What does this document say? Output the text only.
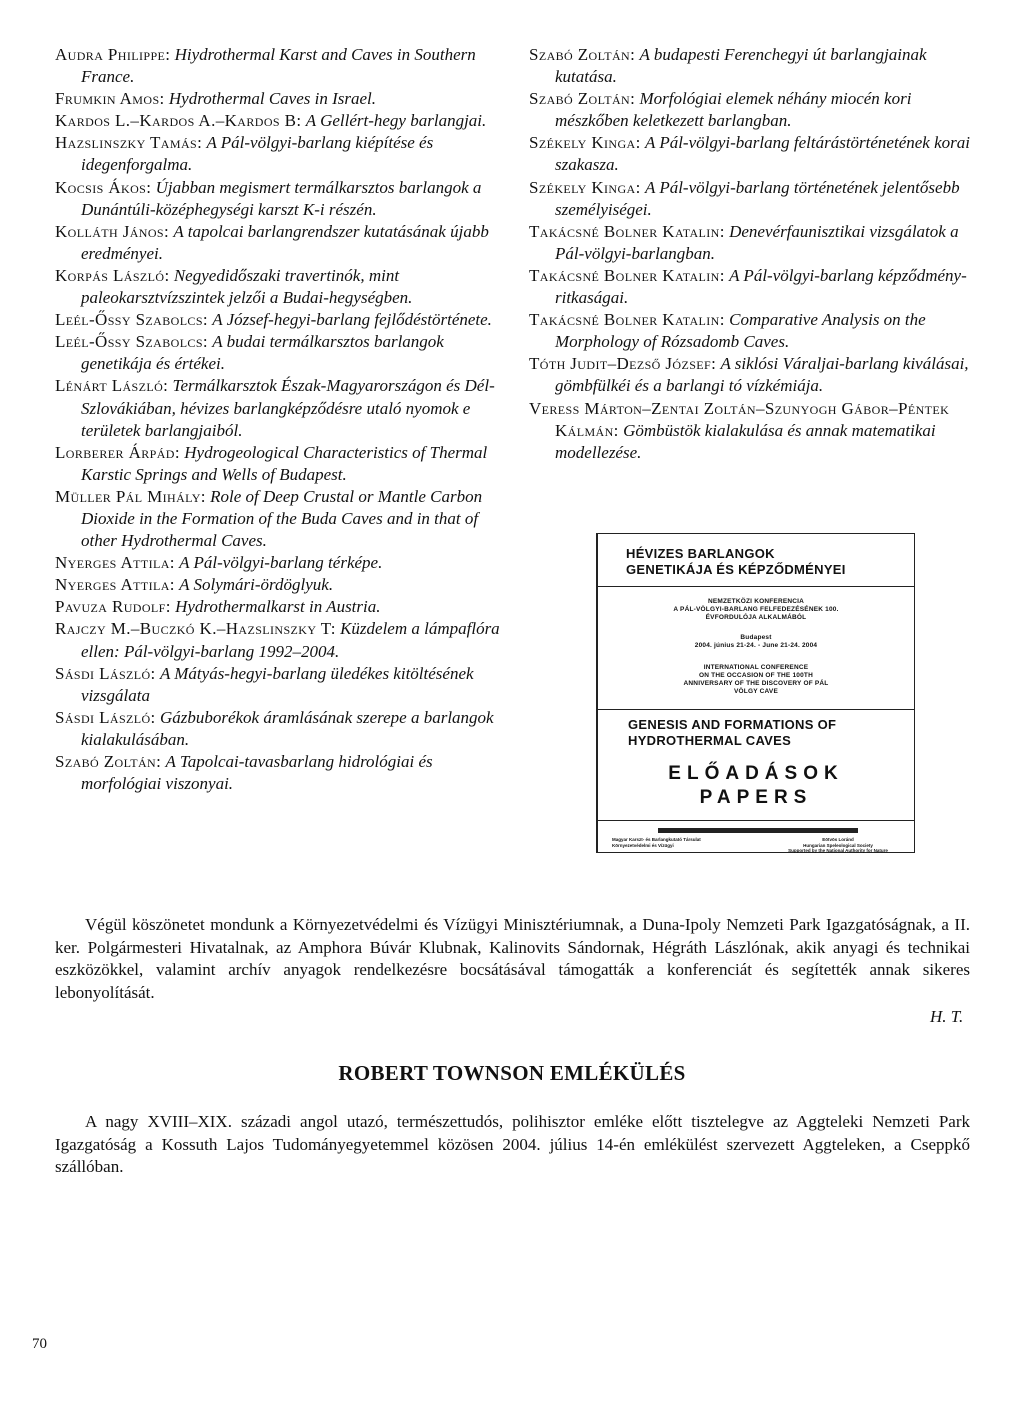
Audra Philippe: Hiydrothermal Karst and Caves in Southern France.

Frumkin Amos: Hydrothermal Caves in Israel.

Kardos L.–Kardos A.–Kardos B: A Gellért-hegy barlangjai.

Hazslinszky Tamás: A Pál-völgyi-barlang kiépítése és idegenforgalma.

Kocsis Ákos: Újabban megismert termálkarsztos barlangok a Dunántúli-középhegységi karszt K-i részén.

Kolláth János: A tapolcai barlangrendszer kutatásának újabb eredményei.

Korpás László: Negyedidőszaki travertinók, mint paleokarsztvízszintek jelzői a Budai-hegységben.

Leél-Őssy Szabolcs: A József-hegyi-barlang fejlődéstörténete.

Leél-Őssy Szabolcs: A budai termálkarsztos barlangok genetikája és értékei.

Lénárt László: Termálkarsztok Észak-Magyarországon és Dél-Szlovákiában, hévizes barlangképződésre utaló nyomok e területek barlangjaiból.

Lorberer Árpád: Hydrogeological Characteristics of Thermal Karstic Springs and Wells of Budapest.

Müller Pál Mihály: Role of Deep Crustal or Mantle Carbon Dioxide in the Formation of the Buda Caves and in that of other Hydrothermal Caves.

Nyerges Attila: A Pál-völgyi-barlang térképe.

Nyerges Attila: A Solymári-ördöglyuk.

Pavuza Rudolf: Hydrothermalkarst in Austria.

Rajczy M.–Buczkó K.–Hazslinszky T: Küzdelem a lámpaflóra ellen: Pál-völgyi-barlang 1992–2004.

Sásdi László: A Mátyás-hegyi-barlang üledékes kitöltésének vizsgálata

Sásdi László: Gázbuborékok áramlásának szerepe a barlangok kialakulásában.

Szabó Zoltán: A Tapolcai-tavasbarlang hidrológiai és morfológiai viszonyai.

Szabó Zoltán: A budapesti Ferenchegyi út barlangjainak kutatása.

Szabó Zoltán: Morfológiai elemek néhány miocén kori mészkőben keletkezett barlangban.

Székely Kinga: A Pál-völgyi-barlang feltárástörténetének korai szakasza.

Székely Kinga: A Pál-völgyi-barlang történetének jelentősebb személyiségei.

Takácsné Bolner Katalin: Denevérfaunisztikai vizsgálatok a Pál-völgyi-barlangban.

Takácsné Bolner Katalin: A Pál-völgyi-barlang képződmény-ritkaságai.

Takácsné Bolner Katalin: Comparative Analysis on the Morphology of Rózsadomb Caves.

Tóth Judit–Dezső József: A siklósi Váraljai-barlang kiválásai, gömbfülkéi és a barlangi tó vízkémiája.

Veress Márton–Zentai Zoltán–Szunyogh Gábor–Péntek Kálmán: Gömbüstök kialakulása és annak matematikai modellezése.

HÉVIZES BARLANGOK
GENETIKÁJA ÉS KÉPZŐDMÉNYEI
NEMZETKÖZI KONFERENCIA
A PÁL-VÖLGYI-BARLANG FELFEDEZÉSÉNEK 100.
ÉVFORDULÓJA ALKALMÁBÓL
Budapest
2004. június 21-24. - June 21-24. 2004
INTERNATIONAL CONFERENCE
ON THE OCCASION OF THE 100TH
ANNIVERSARY OF THE DISCOVERY OF PÁL
VÖLGY CAVE
GENESIS AND FORMATIONS OF
HYDROTHERMAL CAVES
ELŐADÁSOK
PAPERS
Magyar Karszt- és Barlangkutató Társulat
Környezetvédelmi és Vízügyi
Eötvös Loránd
Hungarian Speleological Society
Supported by the National Authority for Nature

Végül köszönetet mondunk a Környezetvédelmi és Vízügyi Minisztériumnak, a Duna-Ipoly Nemzeti Park Igazgatóságnak, a II. ker. Polgármesteri Hivatalnak, az Amphora Búvár Klubnak, Kalinovits Sándornak, Hégráth Lászlónak, akik anyagi és technikai eszközökkel, valamint archív anyagok rendelkezésre bocsátásával támogatták a konferenciát és segítették annak sikeres lebonyolítását.

H. T.
ROBERT TOWNSON EMLÉKÜLÉS

A nagy XVIII–XIX. századi angol utazó, természettudós, polihisztor emléke előtt tisztelegve az Aggteleki Nemzeti Park Igazgatóság a Kossuth Lajos Tudományegyetemmel közösen 2004. július 14-én emlékülést szervezett Aggteleken, a Cseppkő szállóban.

70
